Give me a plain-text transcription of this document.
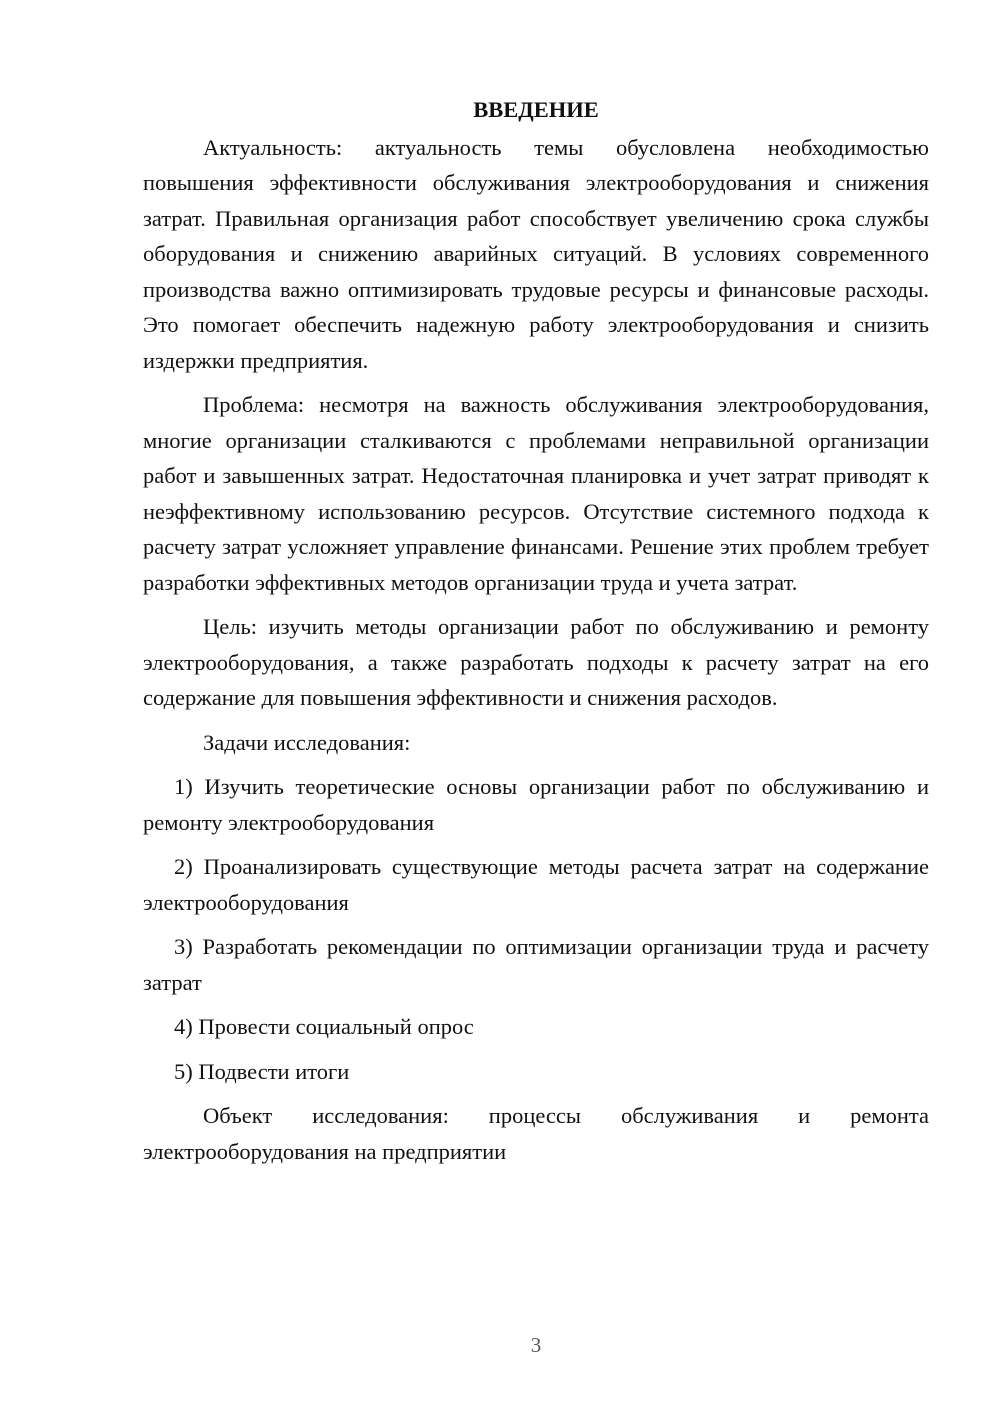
ВВЕДЕНИЕ

Актуальность: актуальность темы обусловлена необходимостью повышения эффективности обслуживания электрооборудования и снижения затрат. Правильная организация работ способствует увеличению срока службы оборудования и снижению аварийных ситуаций. В условиях современного производства важно оптимизировать трудовые ресурсы и финансовые расходы. Это помогает обеспечить надежную работу электрооборудования и снизить издержки предприятия.

Проблема: несмотря на важность обслуживания электрооборудования, многие организации сталкиваются с проблемами неправильной организации работ и завышенных затрат. Недостаточная планировка и учет затрат приводят к неэффективному использованию ресурсов. Отсутствие системного подхода к расчету затрат усложняет управление финансами. Решение этих проблем требует разработки эффективных методов организации труда и учета затрат.

Цель: изучить методы организации работ по обслуживанию и ремонту электрооборудования, а также разработать подходы к расчету затрат на его содержание для повышения эффективности и снижения расходов.

Задачи исследования:

1) Изучить теоретические основы организации работ по обслуживанию и ремонту электрооборудования

2) Проанализировать существующие методы расчета затрат на содержание электрооборудования

3) Разработать рекомендации по оптимизации организации труда и расчету затрат

4) Провести социальный опрос

5) Подвести итоги

Объект исследования: процессы обслуживания и ремонта электрооборудования на предприятии

3
